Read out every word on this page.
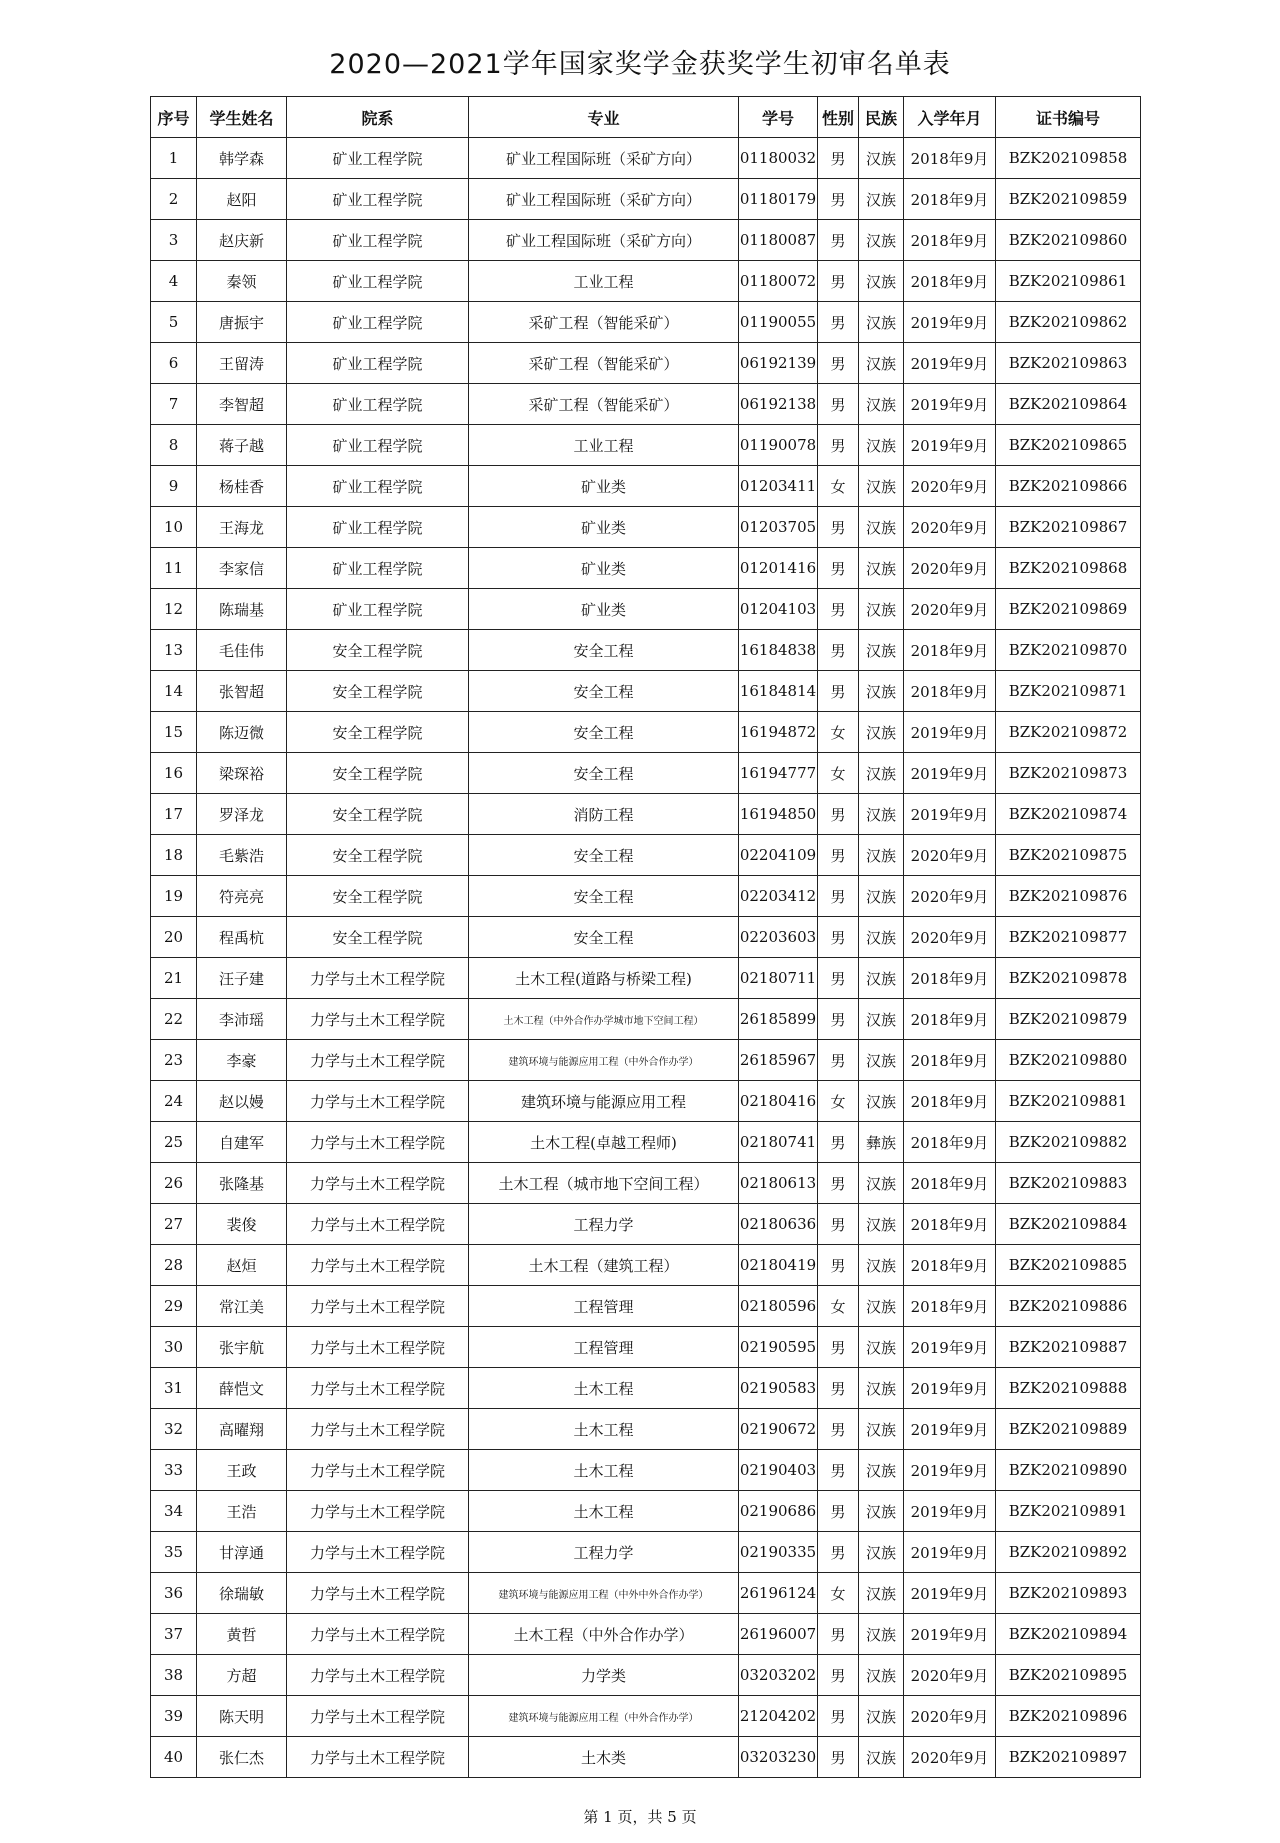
2020—2021学年国家奖学金获奖学生初审名单表
序号	学生姓名	院系	专业	学号	性别	民族	入学年月	证书编号
1	韩学森	矿业工程学院	矿业工程国际班（采矿方向）	01180032	男	汉族	2018年9月	BZK202109858
2	赵阳	矿业工程学院	矿业工程国际班（采矿方向）	01180179	男	汉族	2018年9月	BZK202109859
3	赵庆新	矿业工程学院	矿业工程国际班（采矿方向）	01180087	男	汉族	2018年9月	BZK202109860
4	秦领	矿业工程学院	工业工程	01180072	男	汉族	2018年9月	BZK202109861
5	唐振宇	矿业工程学院	采矿工程（智能采矿）	01190055	男	汉族	2019年9月	BZK202109862
6	王留涛	矿业工程学院	采矿工程（智能采矿）	06192139	男	汉族	2019年9月	BZK202109863
7	李智超	矿业工程学院	采矿工程（智能采矿）	06192138	男	汉族	2019年9月	BZK202109864
8	蒋子越	矿业工程学院	工业工程	01190078	男	汉族	2019年9月	BZK202109865
9	杨桂香	矿业工程学院	矿业类	01203411	女	汉族	2020年9月	BZK202109866
10	王海龙	矿业工程学院	矿业类	01203705	男	汉族	2020年9月	BZK202109867
11	李家信	矿业工程学院	矿业类	01201416	男	汉族	2020年9月	BZK202109868
12	陈瑞基	矿业工程学院	矿业类	01204103	男	汉族	2020年9月	BZK202109869
13	毛佳伟	安全工程学院	安全工程	16184838	男	汉族	2018年9月	BZK202109870
14	张智超	安全工程学院	安全工程	16184814	男	汉族	2018年9月	BZK202109871
15	陈迈微	安全工程学院	安全工程	16194872	女	汉族	2019年9月	BZK202109872
16	梁琛裕	安全工程学院	安全工程	16194777	女	汉族	2019年9月	BZK202109873
17	罗泽龙	安全工程学院	消防工程	16194850	男	汉族	2019年9月	BZK202109874
18	毛紫浩	安全工程学院	安全工程	02204109	男	汉族	2020年9月	BZK202109875
19	符亮亮	安全工程学院	安全工程	02203412	男	汉族	2020年9月	BZK202109876
20	程禹杭	安全工程学院	安全工程	02203603	男	汉族	2020年9月	BZK202109877
21	汪子建	力学与土木工程学院	土木工程(道路与桥梁工程)	02180711	男	汉族	2018年9月	BZK202109878
22	李沛瑶	力学与土木工程学院	土木工程（中外合作办学城市地下空间工程）	26185899	男	汉族	2018年9月	BZK202109879
23	李豪	力学与土木工程学院	建筑环境与能源应用工程（中外合作办学）	26185967	男	汉族	2018年9月	BZK202109880
24	赵以嫚	力学与土木工程学院	建筑环境与能源应用工程	02180416	女	汉族	2018年9月	BZK202109881
25	自建军	力学与土木工程学院	土木工程(卓越工程师)	02180741	男	彝族	2018年9月	BZK202109882
26	张隆基	力学与土木工程学院	土木工程（城市地下空间工程）	02180613	男	汉族	2018年9月	BZK202109883
27	裴俊	力学与土木工程学院	工程力学	02180636	男	汉族	2018年9月	BZK202109884
28	赵烜	力学与土木工程学院	土木工程（建筑工程）	02180419	男	汉族	2018年9月	BZK202109885
29	常江美	力学与土木工程学院	工程管理	02180596	女	汉族	2018年9月	BZK202109886
30	张宇航	力学与土木工程学院	工程管理	02190595	男	汉族	2019年9月	BZK202109887
31	薛恺文	力学与土木工程学院	土木工程	02190583	男	汉族	2019年9月	BZK202109888
32	高曜翔	力学与土木工程学院	土木工程	02190672	男	汉族	2019年9月	BZK202109889
33	王政	力学与土木工程学院	土木工程	02190403	男	汉族	2019年9月	BZK202109890
34	王浩	力学与土木工程学院	土木工程	02190686	男	汉族	2019年9月	BZK202109891
35	甘淳通	力学与土木工程学院	工程力学	02190335	男	汉族	2019年9月	BZK202109892
36	徐瑞敏	力学与土木工程学院	建筑环境与能源应用工程（中外中外合作办学）	26196124	女	汉族	2019年9月	BZK202109893
37	黄哲	力学与土木工程学院	土木工程（中外合作办学）	26196007	男	汉族	2019年9月	BZK202109894
38	方超	力学与土木工程学院	力学类	03203202	男	汉族	2020年9月	BZK202109895
39	陈天明	力学与土木工程学院	建筑环境与能源应用工程（中外合作办学）	21204202	男	汉族	2020年9月	BZK202109896
40	张仁杰	力学与土木工程学院	土木类	03203230	男	汉族	2020年9月	BZK202109897
第 1 页，共 5 页
